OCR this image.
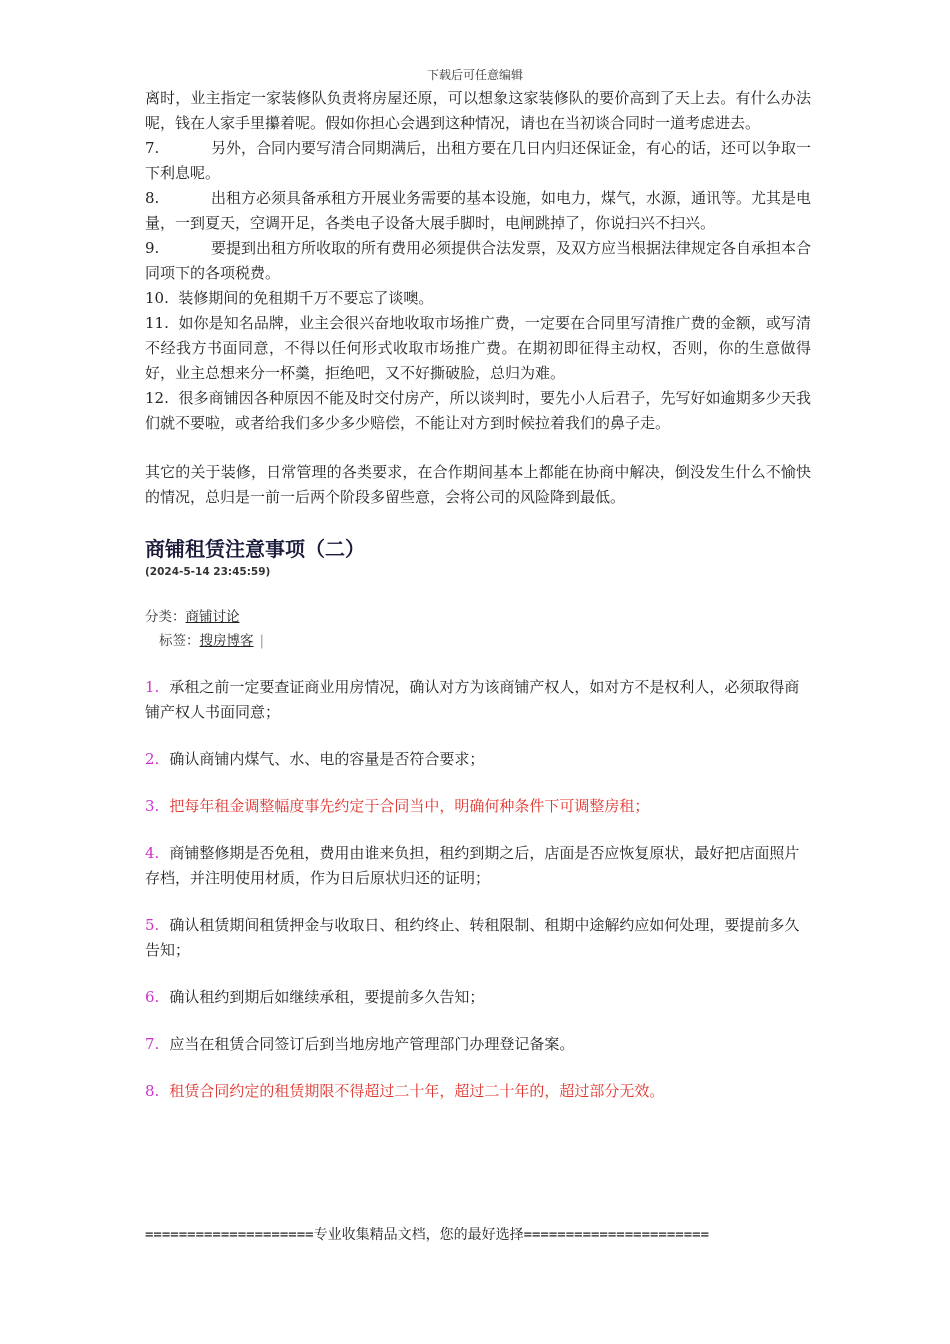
下载后可任意编辑

离时，业主指定一家装修队负责将房屋还原，可以想象这家装修队的要价高到了天上去。有什么办法呢，钱在人家手里攥着呢。假如你担心会遇到这种情况，请也在当初谈合同时一道考虑进去。

7.	另外，合同内要写清合同期满后，出租方要在几日内归还保证金，有心的话，还可以争取一下利息呢。

8.	出租方必须具备承租方开展业务需要的基本设施，如电力，煤气，水源，通讯等。尤其是电量，一到夏天，空调开足，各类电子设备大展手脚时，电闸跳掉了，你说扫兴不扫兴。

9.	要提到出租方所收取的所有费用必须提供合法发票，及双方应当根据法律规定各自承担本合同项下的各项税费。

10. 装修期间的免租期千万不要忘了谈噢。

11. 如你是知名品牌，业主会很兴奋地收取市场推广费，一定要在合同里写清推广费的金额，或写清不经我方书面同意，不得以任何形式收取市场推广费。在期初即征得主动权，否则，你的生意做得好，业主总想来分一杯羹，拒绝吧，又不好撕破脸，总归为难。

12. 很多商铺因各种原因不能及时交付房产，所以谈判时，要先小人后君子，先写好如逾期多少天我们就不要啦，或者给我们多少多少赔偿，不能让对方到时候拉着我们的鼻子走。

其它的关于装修，日常管理的各类要求，在合作期间基本上都能在协商中解决，倒没发生什么不愉快的情况，总归是一前一后两个阶段多留些意，会将公司的风险降到最低。

商铺租赁注意事项（二）

(2024-5-14 23:45:59)

分类：商铺讨论

标签：搜房博客 |

1. 承租之前一定要查证商业用房情况，确认对方为该商铺产权人，如对方不是权利人，必须取得商铺产权人书面同意；

2. 确认商铺内煤气、水、电的容量是否符合要求；

3. 把每年租金调整幅度事先约定于合同当中，明确何种条件下可调整房租；

4. 商铺整修期是否免租，费用由谁来负担，租约到期之后，店面是否应恢复原状，最好把店面照片存档，并注明使用材质，作为日后原状归还的证明；

5. 确认租赁期间租赁押金与收取日、租约终止、转租限制、租期中途解约应如何处理，要提前多久告知；

6. 确认租约到期后如继续承租，要提前多久告知；

7. 应当在租赁合同签订后到当地房地产管理部门办理登记备案。

8. 租赁合同约定的租赁期限不得超过二十年，超过二十年的，超过部分无效。

====================专业收集精品文档，您的最好选择======================
